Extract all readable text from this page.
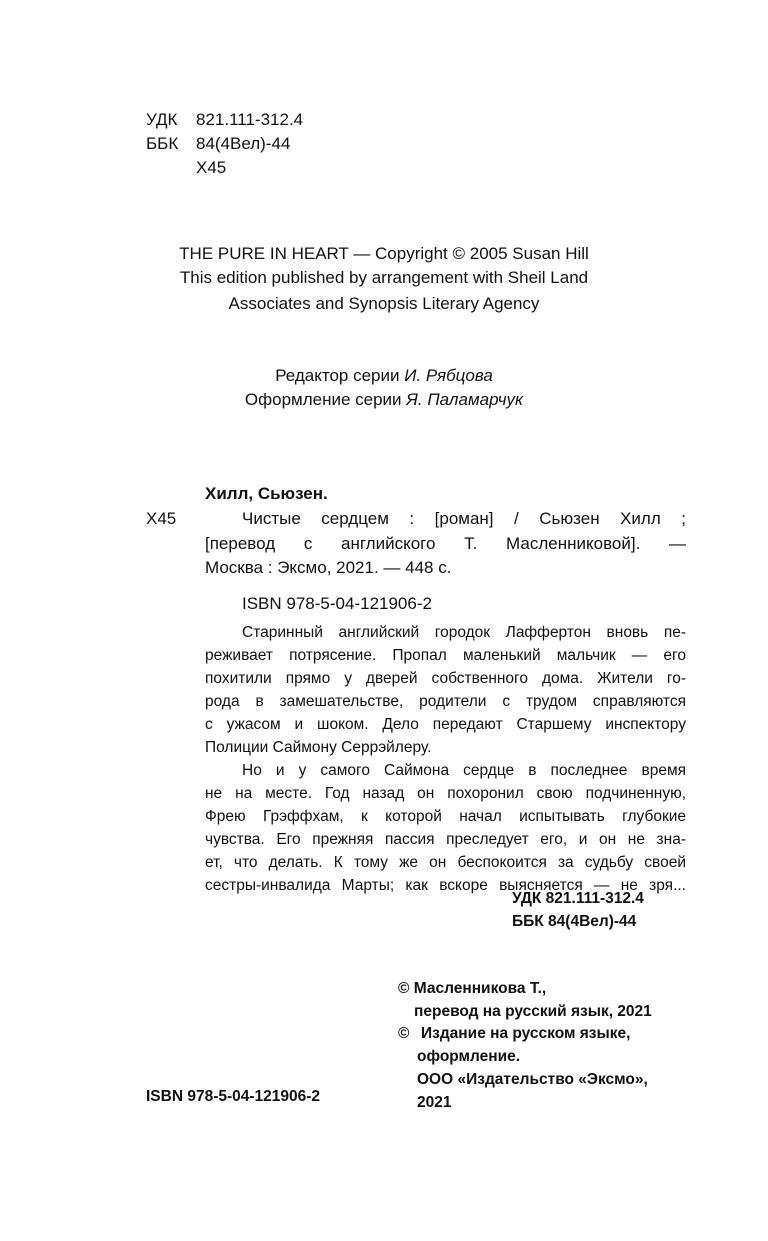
УДК 821.111-312.4
ББК 84(4Вел)-44
Х45
THE PURE IN HEART — Copyright © 2005 Susan Hill
This edition published by arrangement with Sheil Land
Associates and Synopsis Literary Agency
Редактор серии И. Рябцова
Оформление серии Я. Паламарчук
Хилл, Сьюзен.
Х45	Чистые сердцем : [роман] / Сьюзен Хилл ;
[перевод с английского Т. Масленниковой]. —
Москва : Эксмо, 2021. — 448 с.
ISBN 978-5-04-121906-2
Старинный английский городок Лаффертон вновь пе-
реживает потрясение. Пропал маленький мальчик — его
похитили прямо у дверей собственного дома. Жители го-
рода в замешательстве, родители с трудом справляются
с ужасом и шоком. Дело передают Старшему инспектору
Полиции Саймону Серрэйлеру.
Но и у самого Саймона сердце в последнее время
не на месте. Год назад он похоронил свою подчиненную,
Фрею Грэффхам, к которой начал испытывать глубокие
чувства. Его прежняя пассия преследует его, и он не зна-
ет, что делать. К тому же он беспокоится за судьбу своей
сестры-инвалида Марты; как вскоре выясняется — не зря...
УДК 821.111-312.4
ББК 84(4Вел)-44
© Масленникова Т.,
перевод на русский язык, 2021
© Издание на русском языке,
оформление.
ООО «Издательство «Эксмо»,
2021
ISBN 978-5-04-121906-2
